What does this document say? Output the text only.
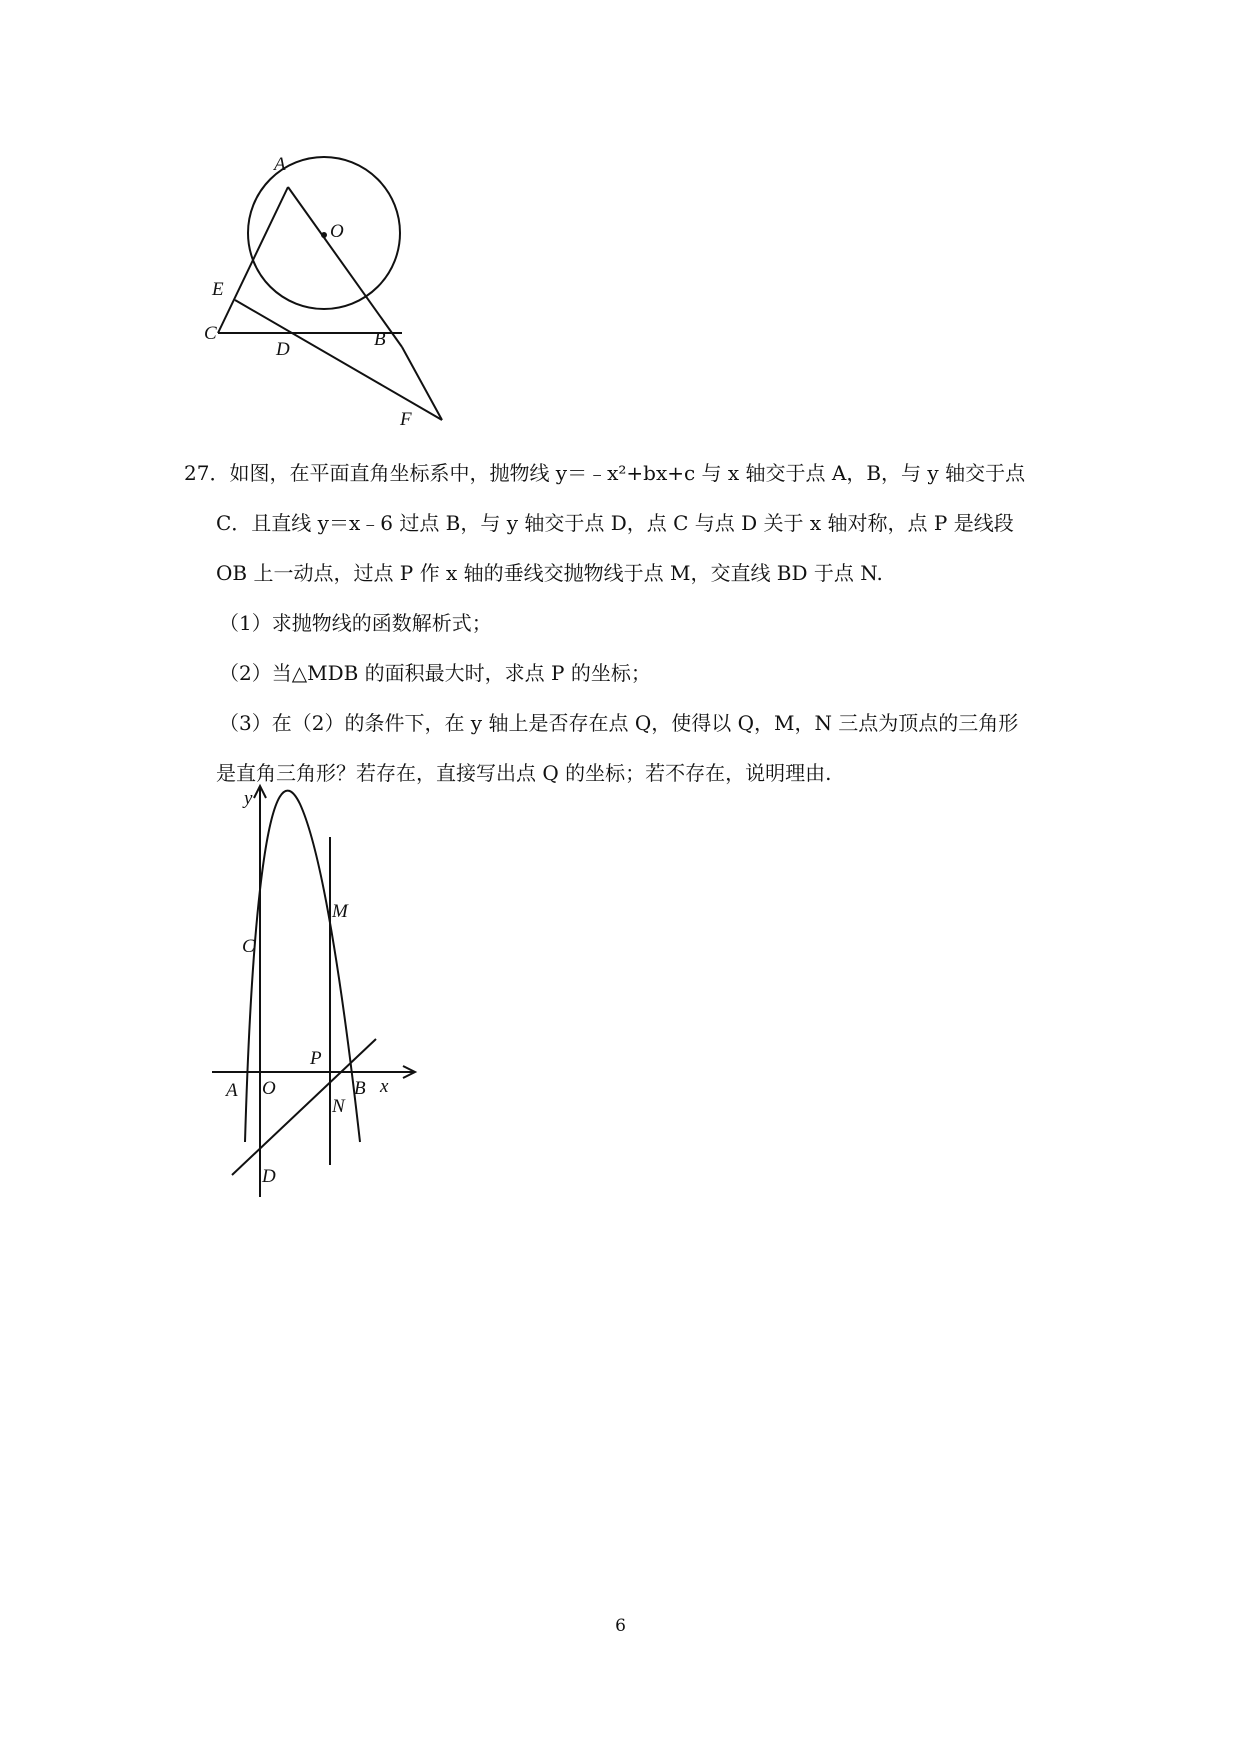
A
O
E
C
D	B
F
27．如图，在平面直角坐标系中，抛物线 y＝﹣x²+bx+c 与 x 轴交于点 A，B，与 y 轴交于点
C．且直线 y＝x﹣6 过点 B，与 y 轴交于点 D，点 C 与点 D 关于 x 轴对称，点 P 是线段
OB 上一动点，过点 P 作 x 轴的垂线交抛物线于点 M，交直线 BD 于点 N.
（1）求抛物线的函数解析式；
（2）当△MDB 的面积最大时，求点 P 的坐标；
（3）在（2）的条件下，在 y 轴上是否存在点 Q，使得以 Q，M，N 三点为顶点的三角形
是直角三角形？若存在，直接写出点 Q 的坐标；若不存在，说明理由.
y
x
C
M
P
A O	B
N
D
6
